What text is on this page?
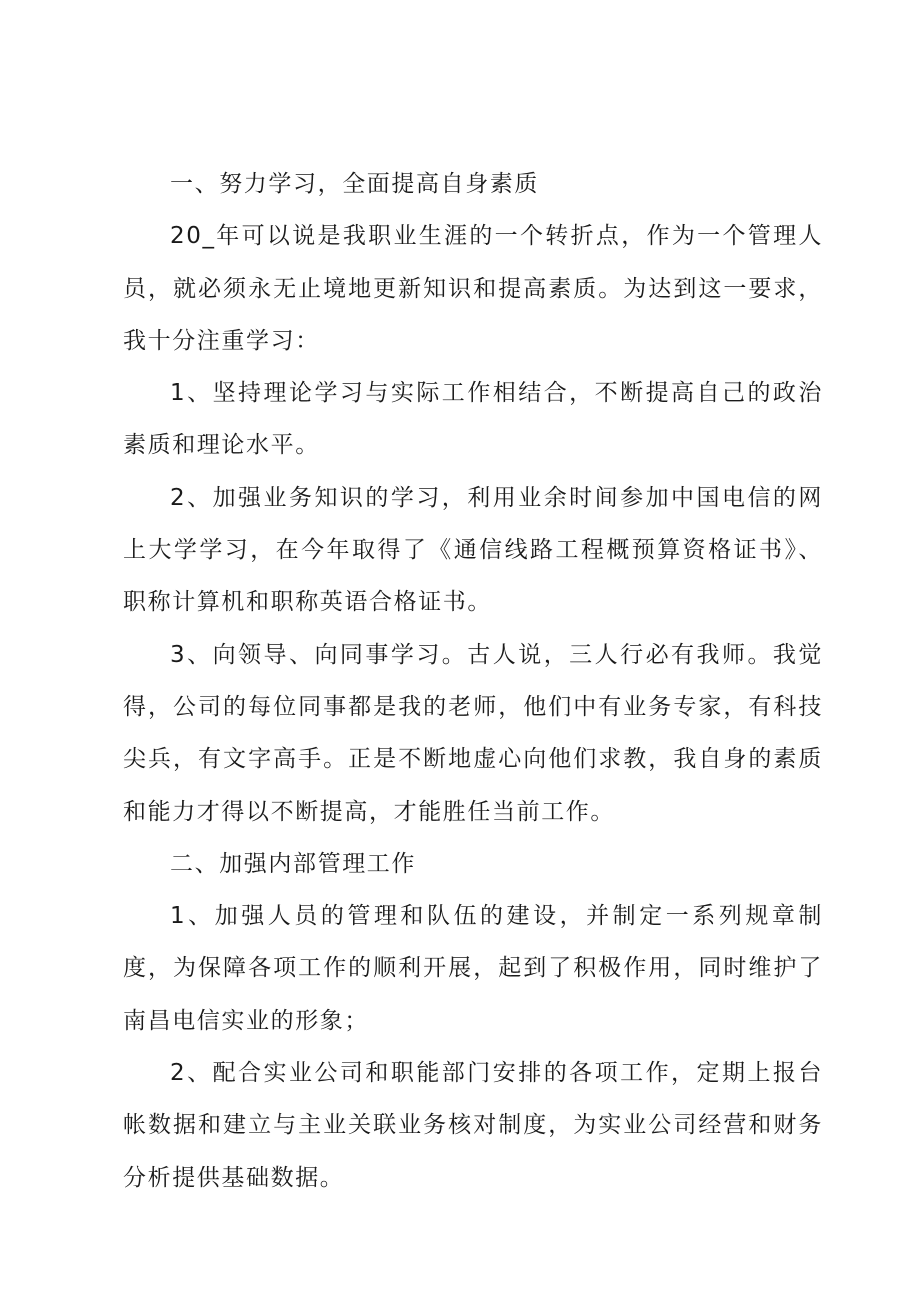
一、努力学习，全面提高自身素质

20_年可以说是我职业生涯的一个转折点，作为一个管理人员，就必须永无止境地更新知识和提高素质。为达到这一要求，我十分注重学习：

1、坚持理论学习与实际工作相结合，不断提高自己的政治素质和理论水平。

2、加强业务知识的学习，利用业余时间参加中国电信的网上大学学习，在今年取得了《通信线路工程概预算资格证书》、职称计算机和职称英语合格证书。

3、向领导、向同事学习。古人说，三人行必有我师。我觉得，公司的每位同事都是我的老师，他们中有业务专家，有科技尖兵，有文字高手。正是不断地虚心向他们求教，我自身的素质和能力才得以不断提高，才能胜任当前工作。

二、加强内部管理工作

1、加强人员的管理和队伍的建设，并制定一系列规章制度，为保障各项工作的顺利开展，起到了积极作用，同时维护了南昌电信实业的形象；

2、配合实业公司和职能部门安排的各项工作，定期上报台帐数据和建立与主业关联业务核对制度，为实业公司经营和财务分析提供基础数据。
